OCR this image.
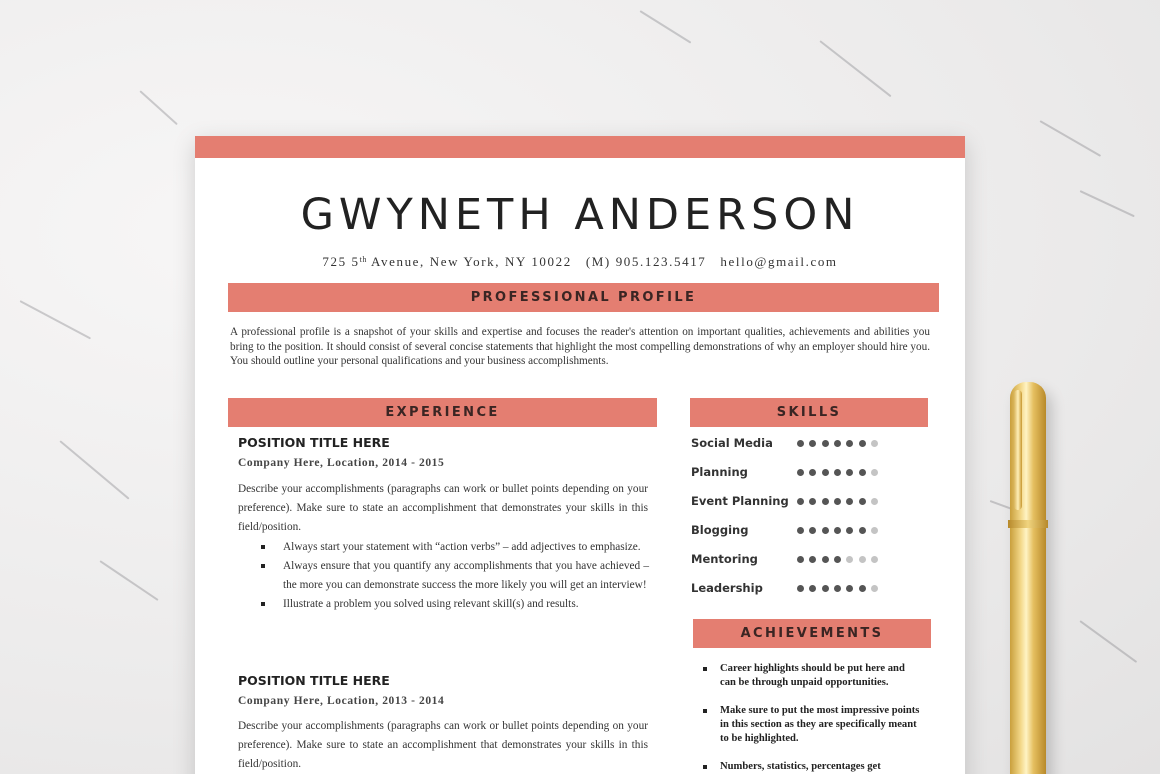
GWYNETH ANDERSON
725 5th Avenue, New York, NY 10022 (M) 905.123.5417 hello@gmail.com
PROFESSIONAL PROFILE
A professional profile is a snapshot of your skills and expertise and focuses the reader's attention on important qualities, achievements and abilities you bring to the position. It should consist of several concise statements that highlight the most compelling demonstrations of why an employer should hire you. You should outline your personal qualifications and your business accomplishments.
EXPERIENCE
POSITION TITLE HERE
Company Here, Location, 2014 - 2015
Describe your accomplishments (paragraphs can work or bullet points depending on your preference). Make sure to state an accomplishment that demonstrates your skills in this field/position.
Always start your statement with “action verbs” – add adjectives to emphasize.
Always ensure that you quantify any accomplishments that you have achieved – the more you can demonstrate success the more likely you will get an interview!
Illustrate a problem you solved using relevant skill(s) and results.
POSITION TITLE HERE
Company Here, Location, 2013 - 2014
Describe your accomplishments (paragraphs can work or bullet points depending on your preference). Make sure to state an accomplishment that demonstrates your skills in this field/position.
SKILLS
Social Media
Planning
Event Planning
Blogging
Mentoring
Leadership
ACHIEVEMENTS
Career highlights should be put here and can be through unpaid opportunities.
Make sure to put the most impressive points in this section as they are specifically meant to be highlighted.
Numbers, statistics, percentages get
